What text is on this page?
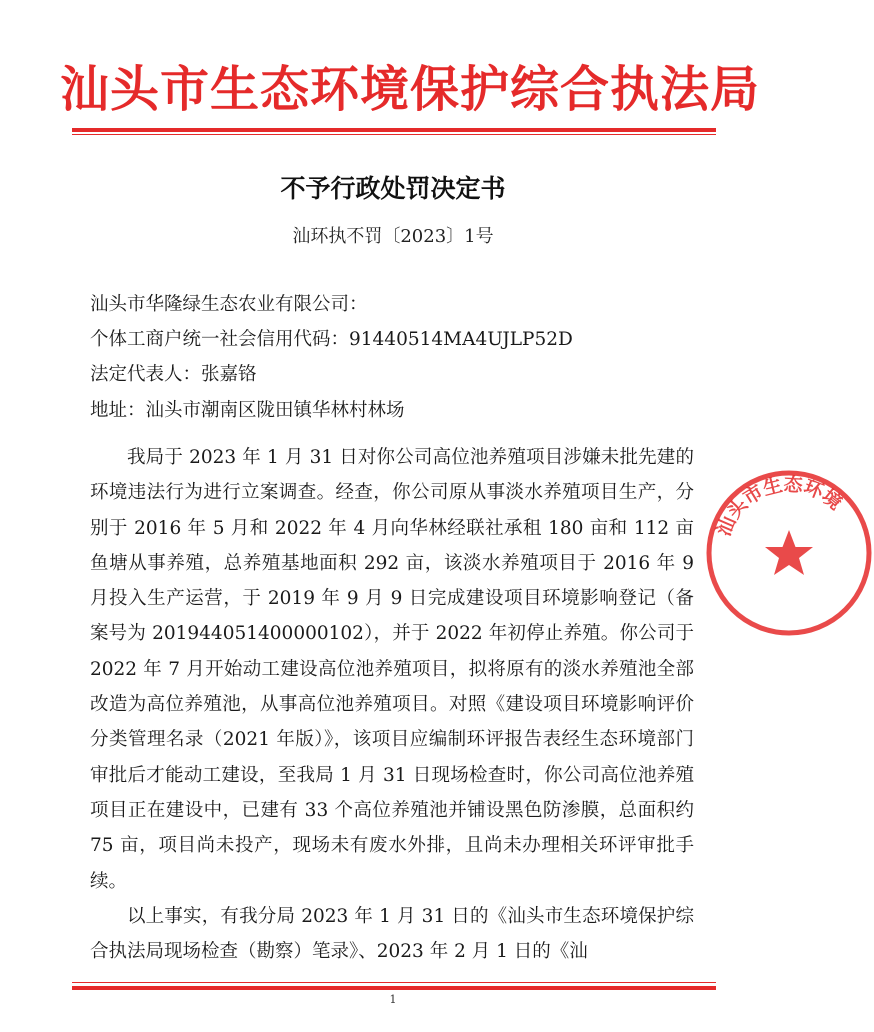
汕头市生态环境保护综合执法局
不予行政处罚决定书
汕环执不罚〔2023〕1号
汕头市华隆绿生态农业有限公司：
个体工商户统一社会信用代码：91440514MA4UJLP52D
法定代表人：张嘉铬
地址：汕头市潮南区陇田镇华林村林场

我局于 2023 年 1 月 31 日对你公司高位池养殖项目涉嫌未批先建的环境违法行为进行立案调查。经查，你公司原从事淡水养殖项目生产，分别于 2016 年 5 月和 2022 年 4 月向华林经联社承租 180 亩和 112 亩鱼塘从事养殖，总养殖基地面积 292 亩，该淡水养殖项目于 2016 年 9 月投入生产运营，于 2019 年 9 月 9 日完成建设项目环境影响登记（备案号为 201944051400000102），并于 2022 年初停止养殖。你公司于 2022 年 7 月开始动工建设高位池养殖项目，拟将原有的淡水养殖池全部改造为高位养殖池，从事高位池养殖项目。对照《建设项目环境影响评价分类管理名录（2021 年版）》，该项目应编制环评报告表经生态环境部门审批后才能动工建设，至我局 1 月 31 日现场检查时，你公司高位池养殖项目正在建设中，已建有 33 个高位养殖池并铺设黑色防渗膜，总面积约 75 亩，项目尚未投产，现场未有废水外排，且尚未办理相关环评审批手续。

以上事实，有我分局 2023 年 1 月 31 日的《汕头市生态环境保护综合执法局现场检查（勘察）笔录》、2023 年 2 月 1 日的《汕

汕头市生态环境
1
